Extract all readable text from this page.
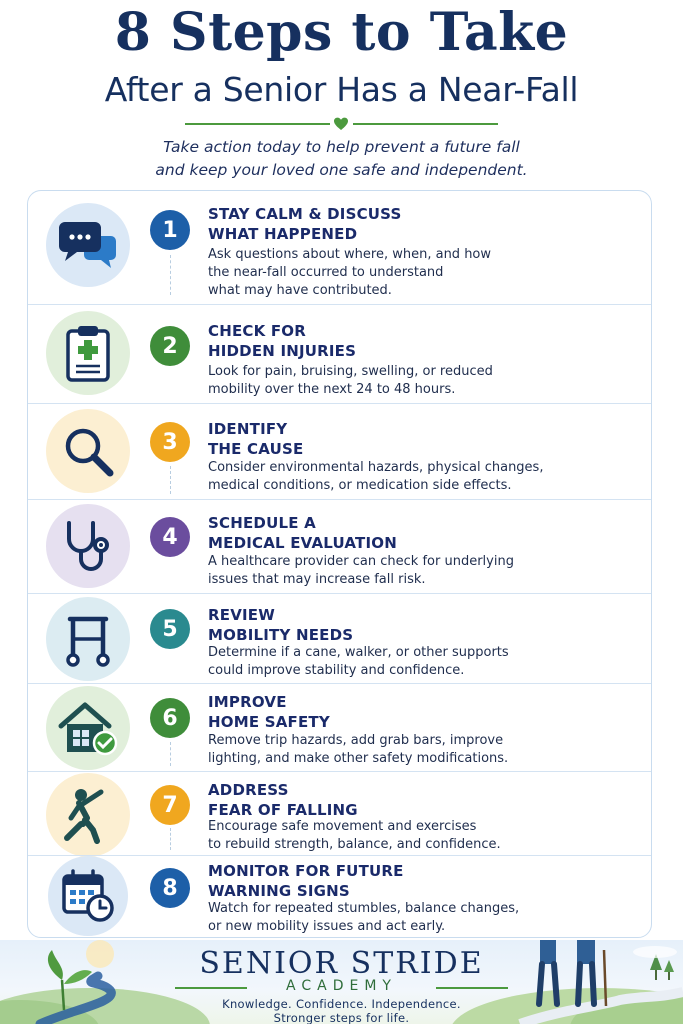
8 Steps to Take
After a Senior Has a Near-Fall
Take action today to help prevent a future fall
and keep your loved one safe and independent.
1
STAY CALM & DISCUSS
WHAT HAPPENED
Ask questions about where, when, and how
the near-fall occurred to understand
what may have contributed.
2
CHECK FOR
HIDDEN INJURIES
Look for pain, bruising, swelling, or reduced
mobility over the next 24 to 48 hours.
3
IDENTIFY
THE CAUSE
Consider environmental hazards, physical changes,
medical conditions, or medication side effects.
4
SCHEDULE A
MEDICAL EVALUATION
A healthcare provider can check for underlying
issues that may increase fall risk.
5
REVIEW
MOBILITY NEEDS
Determine if a cane, walker, or other supports
could improve stability and confidence.
6
IMPROVE
HOME SAFETY
Remove trip hazards, add grab bars, improve
lighting, and make other safety modifications.
7
ADDRESS
FEAR OF FALLING
Encourage safe movement and exercises
to rebuild strength, balance, and confidence.
8
MONITOR FOR FUTURE
WARNING SIGNS
Watch for repeated stumbles, balance changes,
or new mobility issues and act early.
SENIOR STRIDE
ACADEMY
Knowledge. Confidence. Independence.
Stronger steps for life.
